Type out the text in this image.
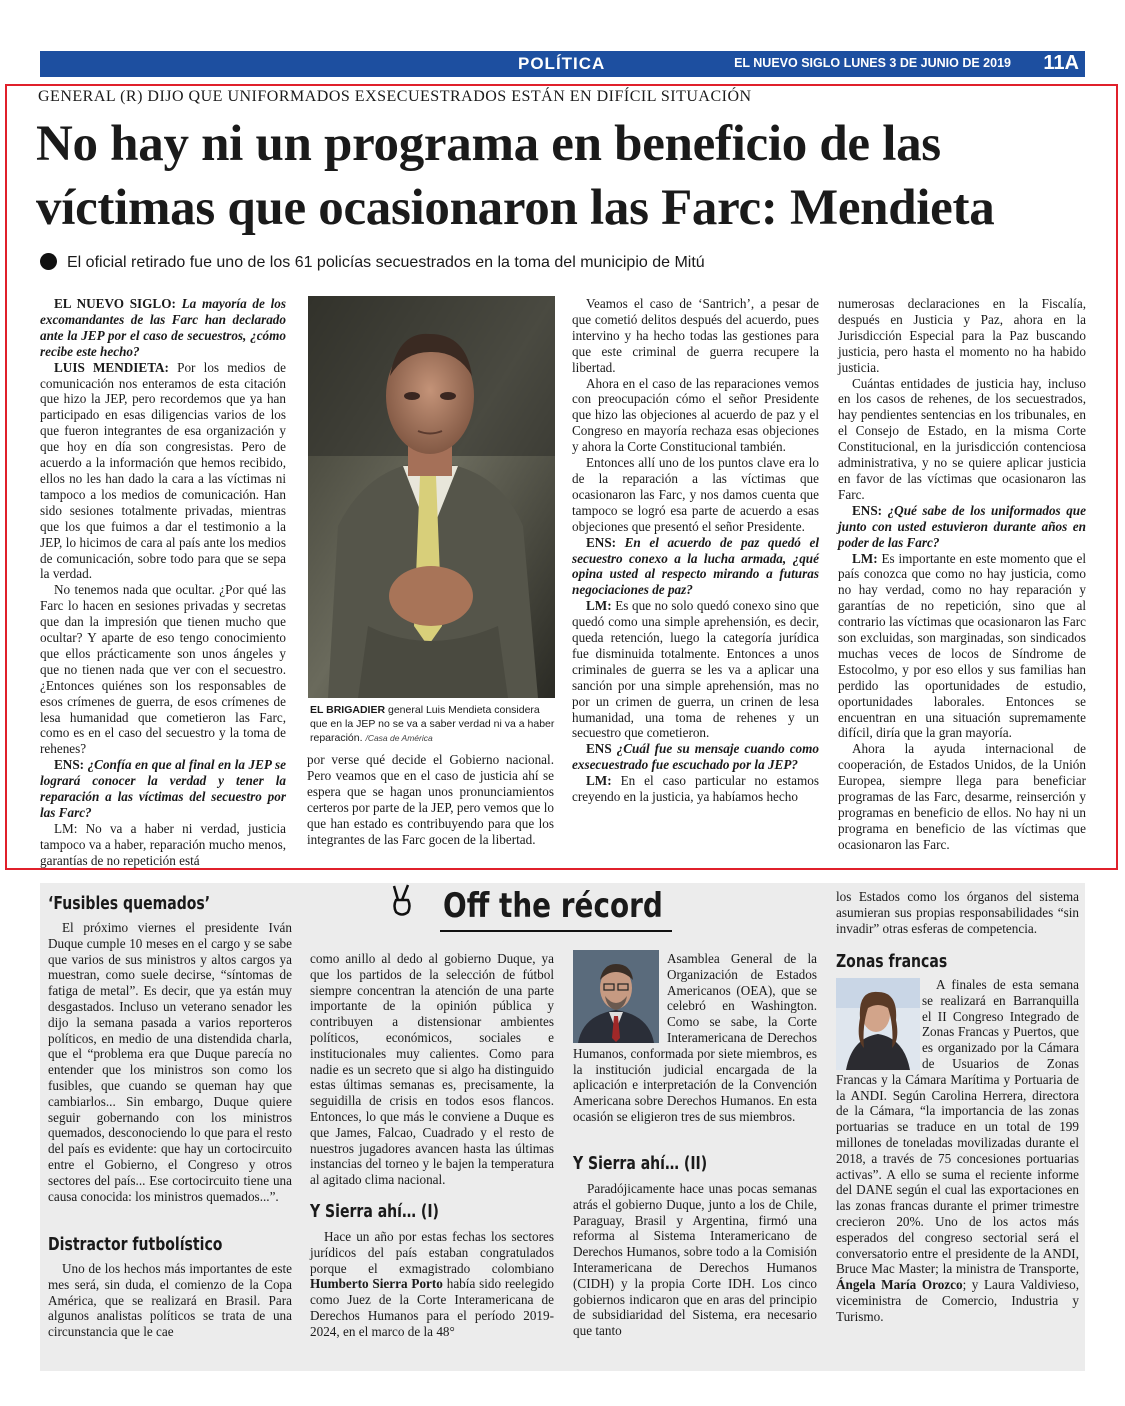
POLÍTICA	EL NUEVO SIGLO LUNES 3 DE JUNIO DE 2019 11A
GENERAL (R) DIJO QUE UNIFORMADOS EXSECUESTRADOS ESTÁN EN DIFÍCIL SITUACIÓN
No hay ni un programa en beneficio de las
víctimas que ocasionaron las Farc: Mendieta
El oficial retirado fue uno de los 61 policías secuestrados en la toma del municipio de Mitú

EL NUEVO SIGLO: La mayoría de los excomandantes de las Farc han declarado ante la JEP por el caso de secuestros, ¿cómo recibe este hecho?

LUIS MENDIETA: Por los medios de comunicación nos enteramos de esta citación que hizo la JEP, pero recordemos que ya han participado en esas diligencias varios de los que fueron integrantes de esa organización y que hoy en día son congresistas. Pero de acuerdo a la información que hemos recibido, ellos no les han dado la cara a las víctimas ni tampoco a los medios de comunicación. Han sido sesiones totalmente privadas, mientras que los que fuimos a dar el testimonio a la JEP, lo hicimos de cara al país ante los medios de comunicación, sobre todo para que se sepa la verdad.

No tenemos nada que ocultar. ¿Por qué las Farc lo hacen en sesiones privadas y secretas que dan la impresión que tienen mucho que ocultar? Y aparte de eso tengo conocimiento que ellos prácticamente son unos ángeles y que no tienen nada que ver con el secuestro. ¿Entonces quiénes son los responsables de esos crímenes de guerra, de esos crímenes de lesa humanidad que cometieron las Farc, como es en el caso del secuestro y la toma de rehenes?

ENS: ¿Confía en que al final en la JEP se logrará conocer la verdad y tener la reparación a las víctimas del secuestro por las Farc?

LM: No va a haber ni verdad, justicia tampoco va a haber, reparación mucho menos, garantías de no repetición está

EL BRIGADIER general Luis Mendieta considera que en la JEP no se va a saber verdad ni va a haber reparación. /Casa de América

por verse qué decide el Gobierno nacional. Pero veamos que en el caso de justicia ahí se espera que se hagan unos pronunciamientos certeros por parte de la JEP, pero vemos que lo que han estado es contribuyendo para que los integrantes de las Farc gocen de la libertad.

Veamos el caso de ‘Santrich’, a pesar de que cometió delitos después del acuerdo, pues intervino y ha hecho todas las gestiones para que este criminal de guerra recupere la libertad.

Ahora en el caso de las reparaciones vemos con preocupación cómo el señor Presidente que hizo las objeciones al acuerdo de paz y el Congreso en mayoría rechaza esas objeciones y ahora la Corte Constitucional también.

Entonces allí uno de los puntos clave era lo de la reparación a las víctimas que ocasionaron las Farc, y nos damos cuenta que tampoco se logró esa parte de acuerdo a esas objeciones que presentó el señor Presidente.

ENS: En el acuerdo de paz quedó el secuestro conexo a la lucha armada, ¿qué opina usted al respecto mirando a futuras negociaciones de paz?

LM: Es que no solo quedó conexo sino que quedó como una simple aprehensión, es decir, queda retención, luego la categoría jurídica fue disminuida totalmente. Entonces a unos criminales de guerra se les va a aplicar una sanción por una simple aprehensión, mas no por un crimen de guerra, un crinen de lesa humanidad, una toma de rehenes y un secuestro que cometieron.

ENS ¿Cuál fue su mensaje cuando como exsecuestrado fue escuchado por la JEP?

LM: En el caso particular no estamos creyendo en la justicia, ya habíamos hecho

numerosas declaraciones en la Fiscalía, después en Justicia y Paz, ahora en la Jurisdicción Especial para la Paz buscando justicia, pero hasta el momento no ha habido justicia.

Cuántas entidades de justicia hay, incluso en los casos de rehenes, de los secuestrados, hay pendientes sentencias en los tribunales, en el Consejo de Estado, en la misma Corte Constitucional, en la jurisdicción contenciosa administrativa, y no se quiere aplicar justicia en favor de las víctimas que ocasionaron las Farc.

ENS: ¿Qué sabe de los uniformados que junto con usted estuvieron durante años en poder de las Farc?

LM: Es importante en este momento que el país conozca que como no hay justicia, como no hay verdad, como no hay reparación y garantías de no repetición, sino que al contrario las víctimas que ocasionaron las Farc son excluidas, son marginadas, son sindicados muchas veces de locos de Síndrome de Estocolmo, y por eso ellos y sus familias han perdido las oportunidades de estudio, oportunidades laborales. Entonces se encuentran en una situación supremamente difícil, diría que la gran mayoría.

Ahora la ayuda internacional de cooperación, de Estados Unidos, de la Unión Europea, siempre llega para beneficiar programas de las Farc, desarme, reinserción y programas en beneficio de ellos. No hay ni un programa en beneficio de las víctimas que ocasionaron las Farc.

Off the récord
‘Fusibles quemados’

El próximo viernes el presidente Iván Duque cumple 10 meses en el cargo y se sabe que varios de sus ministros y altos cargos ya muestran, como suele decirse, “síntomas de fatiga de metal”. Es decir, que ya están muy desgastados. Incluso un veterano senador les dijo la semana pasada a varios reporteros políticos, en medio de una distendida charla, que el “problema era que Duque parecía no entender que los ministros son como los fusibles, que cuando se queman hay que cambiarlos... Sin embargo, Duque quiere seguir gobernando con los ministros quemados, desconociendo lo que para el resto del país es evidente: que hay un cortocircuito entre el Gobierno, el Congreso y otros sectores del país... Ese cortocircuito tiene una causa conocida: los ministros quemados...”.

Distractor futbolístico

Uno de los hechos más importantes de este mes será, sin duda, el comienzo de la Copa América, que se realizará en Brasil. Para algunos analistas políticos se trata de una circunstancia que le cae

como anillo al dedo al gobierno Duque, ya que los partidos de la selección de fútbol siempre concentran la atención de una parte importante de la opinión pública y contribuyen a distensionar ambientes políticos, económicos, sociales e institucionales muy calientes. Como para nadie es un secreto que si algo ha distinguido estas últimas semanas es, precisamente, la seguidilla de crisis en todos esos flancos. Entonces, lo que más le conviene a Duque es que James, Falcao, Cuadrado y el resto de nuestros jugadores avancen hasta las últimas instancias del torneo y le bajen la temperatura al agitado clima nacional.

Y Sierra ahí… (I)

Hace un año por estas fechas los sectores jurídicos del país estaban congratulados porque el exmagistrado colombiano Humberto Sierra Porto había sido reelegido como Juez de la Corte Interamericana de Derechos Humanos para el período 2019-2024, en el marco de la 48°

Asamblea General de la Organización de Estados Americanos (OEA), que se celebró en Washington. Como se sabe, la Corte Interamericana de Derechos Humanos, conformada por siete miembros, es la institución judicial encargada de la aplicación e interpretación de la Convención Americana sobre Derechos Humanos. En esta ocasión se eligieron tres de sus miembros.

Y Sierra ahí… (II)

Paradójicamente hace unas pocas semanas atrás el gobierno Duque, junto a los de Chile, Paraguay, Brasil y Argentina, firmó una reforma al Sistema Interamericano de Derechos Humanos, sobre todo a la Comisión Interamericana de Derechos Humanos (CIDH) y la propia Corte IDH. Los cinco gobiernos indicaron que en aras del principio de subsidiaridad del Sistema, era necesario que tanto

los Estados como los órganos del sistema asumieran sus propias responsabilidades “sin invadir” otras esferas de competencia.

Zonas francas

A finales de esta semana se realizará en Barranquilla el II Congreso Integrado de Zonas Francas y Puertos, que es organizado por la Cámara de Usuarios de Zonas Francas y la Cámara Marítima y Portuaria de la ANDI. Según Carolina Herrera, directora de la Cámara, “la importancia de las zonas portuarias se traduce en un total de 199 millones de toneladas movilizadas durante el 2018, a través de 75 concesiones portuarias activas”. A ello se suma el reciente informe del DANE según el cual las exportaciones en las zonas francas durante el primer trimestre crecieron 20%. Uno de los actos más esperados del congreso sectorial será el conversatorio entre el presidente de la ANDI, Bruce Mac Master; la ministra de Transporte, Ángela María Orozco; y Laura Valdivieso, viceministra de Comercio, Industria y Turismo.
